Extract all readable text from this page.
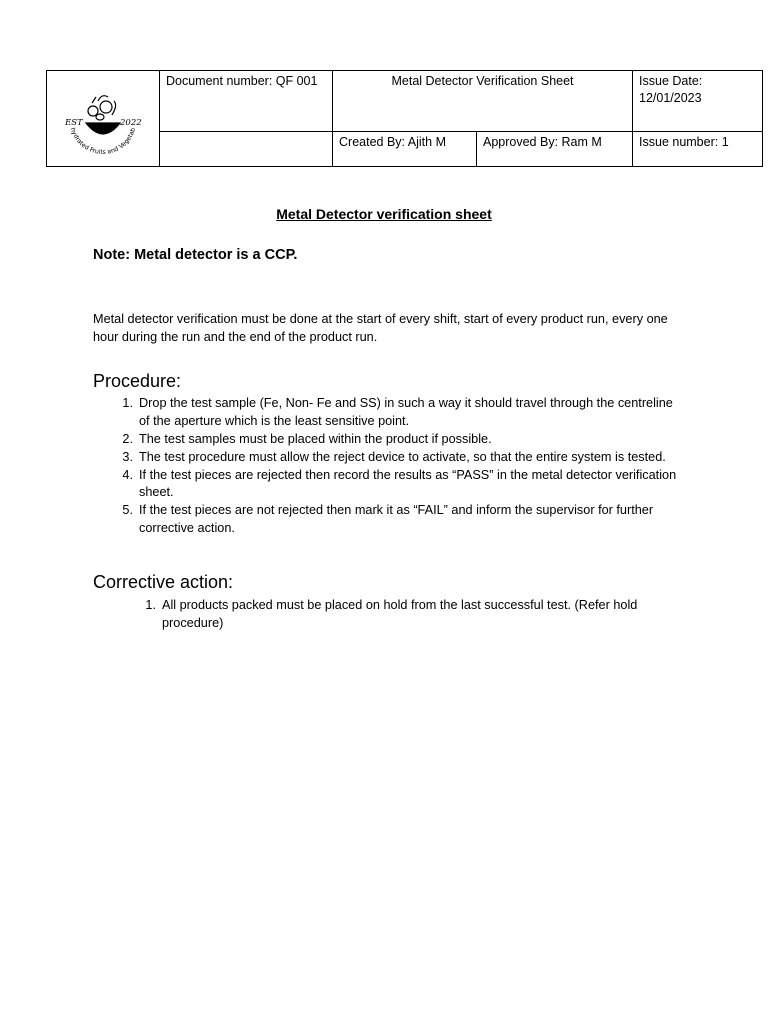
hydrated Fruits and Vegetab
EST 2022	Document number: QF 001	Metal Detector Verification Sheet		Issue Date: 12/01/2023
		Created By: Ajith M	Approved By: Ram M	Issue number: 1
Metal Detector verification sheet
Note: Metal detector is a CCP.
Metal detector verification must be done at the start of every shift, start of every product run, every one hour during the run and the end of the product run.
Procedure:
1. Drop the test sample (Fe, Non- Fe and SS) in such a way it should travel through the centreline of the aperture which is the least sensitive point.
2. The test samples must be placed within the product if possible.
3. The test procedure must allow the reject device to activate, so that the entire system is tested.
4. If the test pieces are rejected then record the results as “PASS” in the metal detector verification sheet.
5. If the test pieces are not rejected then mark it as “FAIL” and inform the supervisor for further corrective action.
Corrective action:
1. All products packed must be placed on hold from the last successful test. (Refer hold procedure)
